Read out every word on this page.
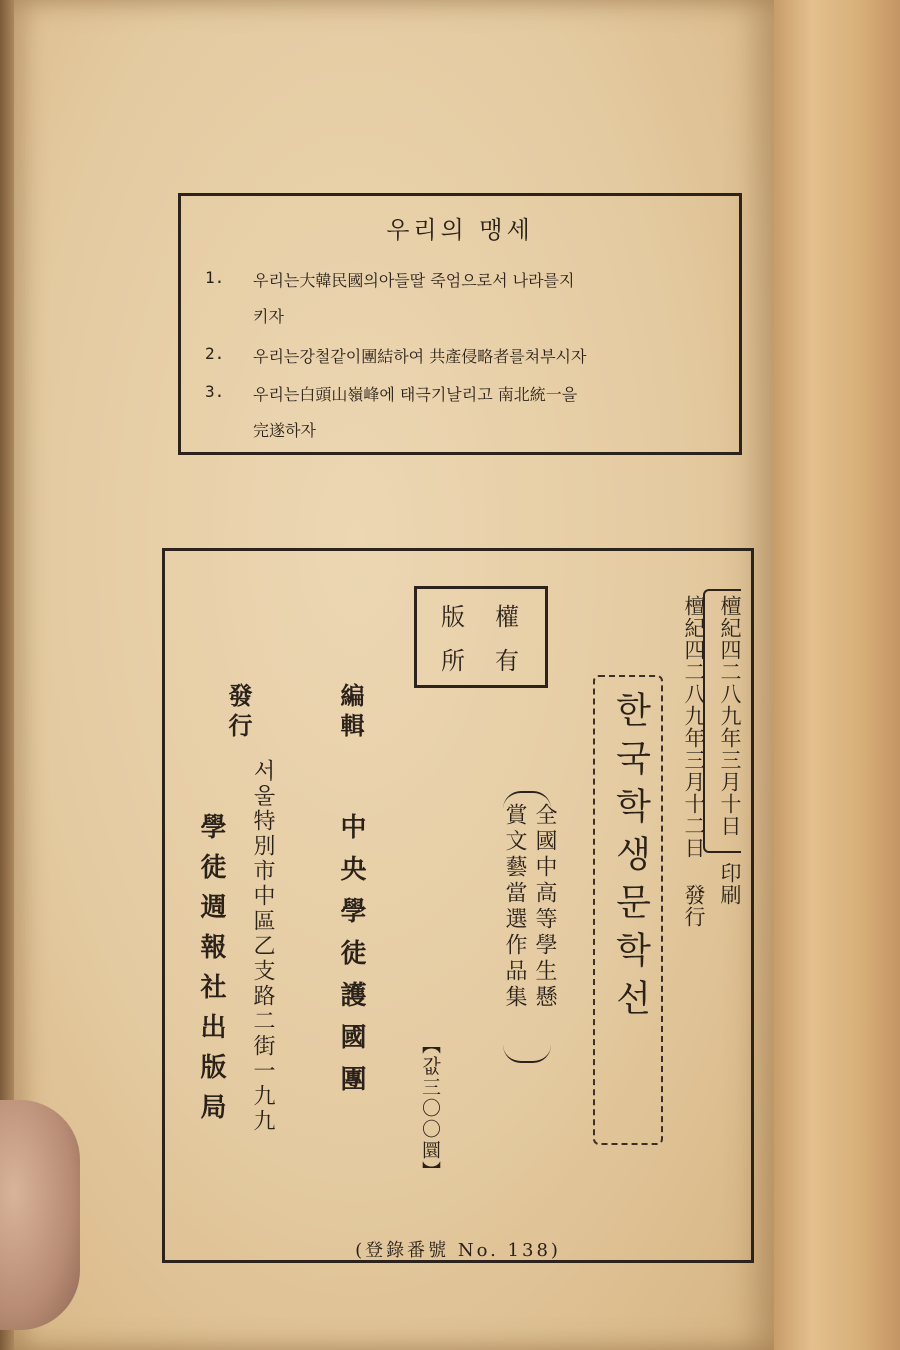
우리의 맹세
1. 우리는大韓民國의아들딸 죽엄으로서 나라를지
키자
2. 우리는강철같이團結하여 共產侵略者를쳐부시자
3. 우리는白頭山嶺峰에 태극기날리고 南北統一을
完遂하자
檀紀四二八九年三月十日 印刷
檀紀四二八九年三月十二日 發行
權
有
版
所
한국학생문학선
全國中高等學生懸
賞文藝當選作品集
【값三〇〇圜】
編輯
中央學徒護國團
發行
서울特別市中區乙支路二街一九九
學徒週報社出版局
(登錄番號 No. 138)
